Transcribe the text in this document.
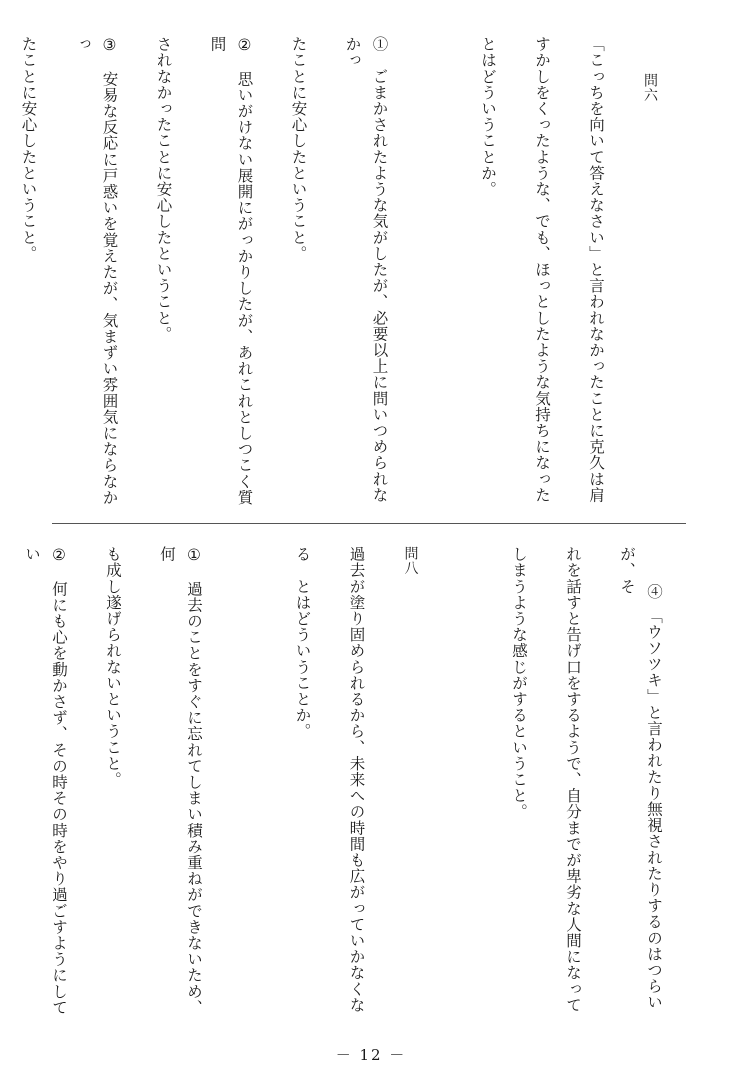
問六

「こっちを向いて答えなさい」と言われなかったことに克久は肩

すかしをくったような、でも、ほっとしたような気持ちになった

とはどういうことか。

①　ごまかされたような気がしたが、必要以上に問いつめられなかっ

たことに安心したということ。

②　思いがけない展開にがっかりしたが、あれこれとしつこく質問

されなかったことに安心したということ。

③　安易な反応に戸惑いを覚えたが、気まずい雰囲気にならなかっ

たことに安心したということ。

④　「ウソツキ」と言われたり無視されたりするのはつらいが、そ

れを話すと告げ口をするようで、自分までが卑劣な人間になって

しまうような感じがするということ。

問八

過去が塗り固められるから、未来への時間も広がっていかなくな

る　とはどういうことか。

①　過去のことをすぐに忘れてしまい積み重ねができないため、何

も成し遂げられないということ。

②　何にも心を動かさず、その時その時をやり過ごすようにしてい

－ 12 －
